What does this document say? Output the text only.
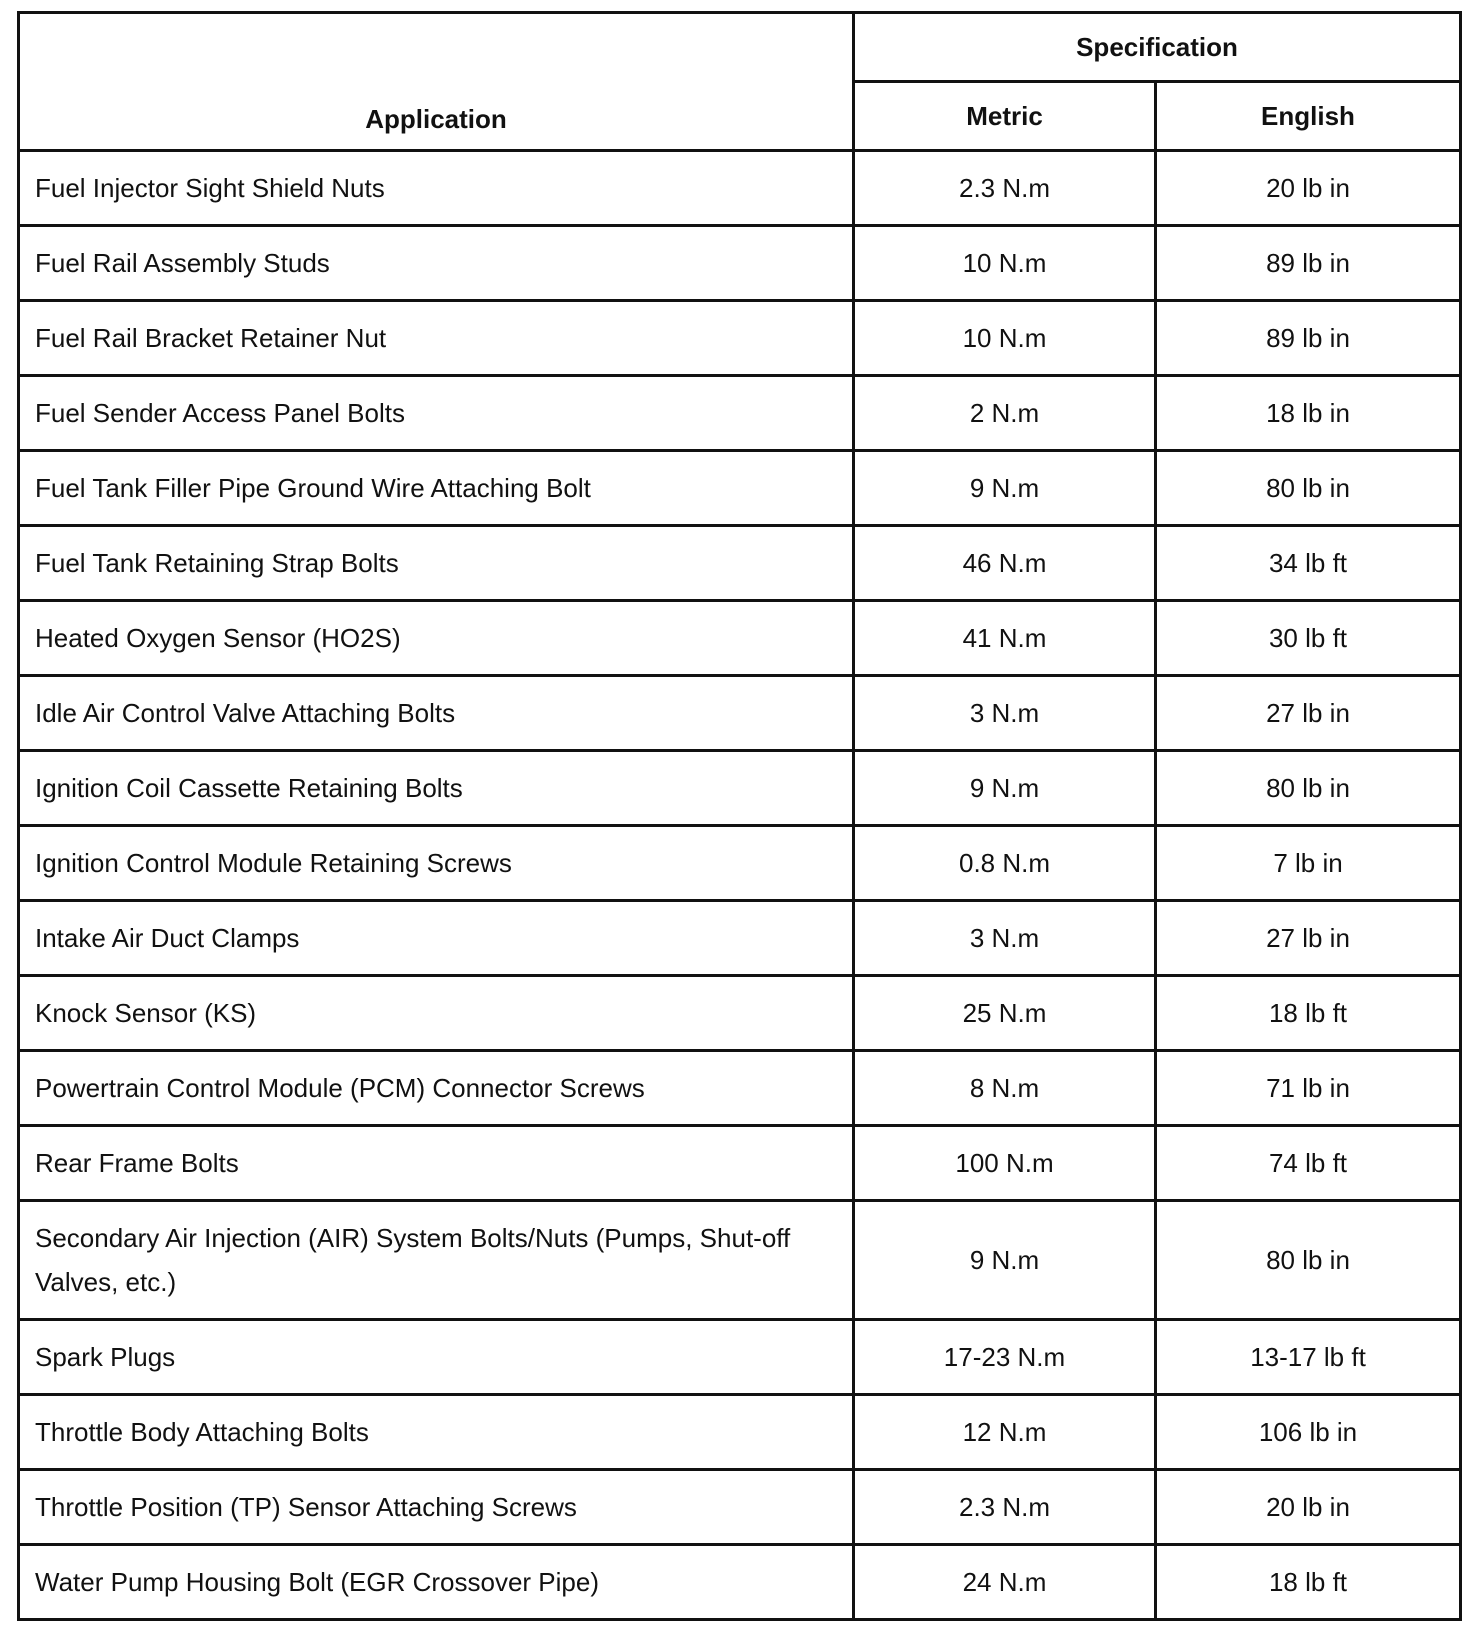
Application	Specification	
	Metric	English
Fuel Injector Sight Shield Nuts	2.3 N.m	20 lb in
Fuel Rail Assembly Studs	10 N.m	89 lb in
Fuel Rail Bracket Retainer Nut	10 N.m	89 lb in
Fuel Sender Access Panel Bolts	2 N.m	18 lb in
Fuel Tank Filler Pipe Ground Wire Attaching Bolt	9 N.m	80 lb in
Fuel Tank Retaining Strap Bolts	46 N.m	34 lb ft
Heated Oxygen Sensor (HO2S)	41 N.m	30 lb ft
Idle Air Control Valve Attaching Bolts	3 N.m	27 lb in
Ignition Coil Cassette Retaining Bolts	9 N.m	80 lb in
Ignition Control Module Retaining Screws	0.8 N.m	7 lb in
Intake Air Duct Clamps	3 N.m	27 lb in
Knock Sensor (KS)	25 N.m	18 lb ft
Powertrain Control Module (PCM) Connector Screws	8 N.m	71 lb in
Rear Frame Bolts	100 N.m	74 lb ft
Secondary Air Injection (AIR) System Bolts/Nuts (Pumps, Shut-off Valves, etc.)	9 N.m	80 lb in
Spark Plugs	17-23 N.m	13-17 lb ft
Throttle Body Attaching Bolts	12 N.m	106 lb in
Throttle Position (TP) Sensor Attaching Screws	2.3 N.m	20 lb in
Water Pump Housing Bolt (EGR Crossover Pipe)	24 N.m	18 lb ft
